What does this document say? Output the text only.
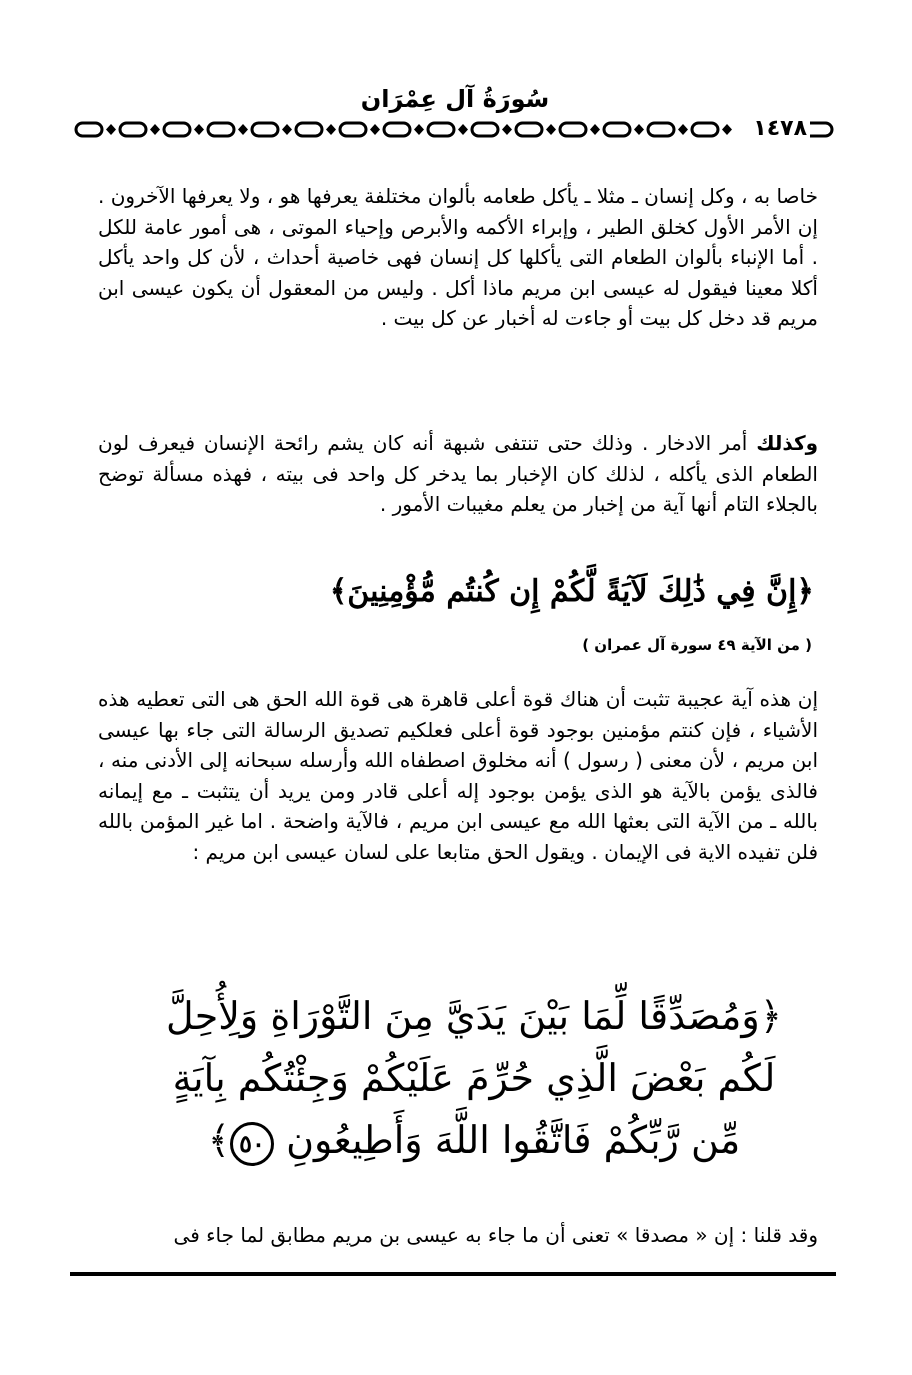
سُورَةُ آل عِمْرَان
١٤٧٨
خاصا به ، وكل إنسان ـ مثلا ـ يأكل طعامه بألوان مختلفة يعرفها هو ، ولا يعرفها الآخرون . إن الأمر الأول كخلق الطير ، وإبراء الأكمه والأبرص وإحياء الموتى ، هى أمور عامة للكل . أما الإنباء بألوان الطعام التى يأكلها كل إنسان فهى خاصية أحداث ، لأن كل واحد يأكل أكلا معينا فيقول له عيسى ابن مريم ماذا أكل . وليس من المعقول أن يكون عيسى ابن مريم قد دخل كل بيت أو جاءت له أخبار عن كل بيت .
وكذلك أمر الادخار . وذلك حتى تنتفى شبهة أنه كان يشم رائحة الإنسان فيعرف لون الطعام الذى يأكله ، لذلك كان الإخبار بما يدخر كل واحد فى بيته ، فهذه مسألة توضح بالجلاء التام أنها آية من إخبار من يعلم مغيبات الأمور .
﴿إِنَّ فِي ذَٰلِكَ لَآيَةً لَّكُمْ إِن كُنتُم مُّؤْمِنِينَ﴾
( من الآية ٤٩ سورة آل عمران )
إن هذه آية عجيبة تثبت أن هناك قوة أعلى قاهرة هى قوة الله الحق هى التى تعطيه هذه الأشياء ، فإن كنتم مؤمنين بوجود قوة أعلى فعلكيم تصديق الرسالة التى جاء بها عيسى ابن مريم ، لأن معنى ( رسول ) أنه مخلوق اصطفاه الله وأرسله سبحانه إلى الأدنى منه ، فالذى يؤمن بالآية هو الذى يؤمن بوجود إله أعلى قادر ومن يريد أن يتثبت ـ مع إيمانه بالله ـ من الآية التى بعثها الله مع عيسى ابن مريم ، فالآية واضحة . اما غير المؤمن بالله فلن تفيده الاية فى الإيمان . ويقول الحق متابعا على لسان عيسى ابن مريم :
﴿وَمُصَدِّقًا لِّمَا بَيْنَ يَدَيَّ مِنَ التَّوْرَاةِ وَلِأُحِلَّ لَكُم بَعْضَ الَّذِي حُرِّمَ عَلَيْكُمْ وَجِئْتُكُم بِآيَةٍ مِّن رَّبِّكُمْ فَاتَّقُوا اللَّهَ وَأَطِيعُونِ ٥٠﴾
وقد قلنا : إن « مصدقا » تعنى أن ما جاء به عيسى بن مريم مطابق لما جاء فى
